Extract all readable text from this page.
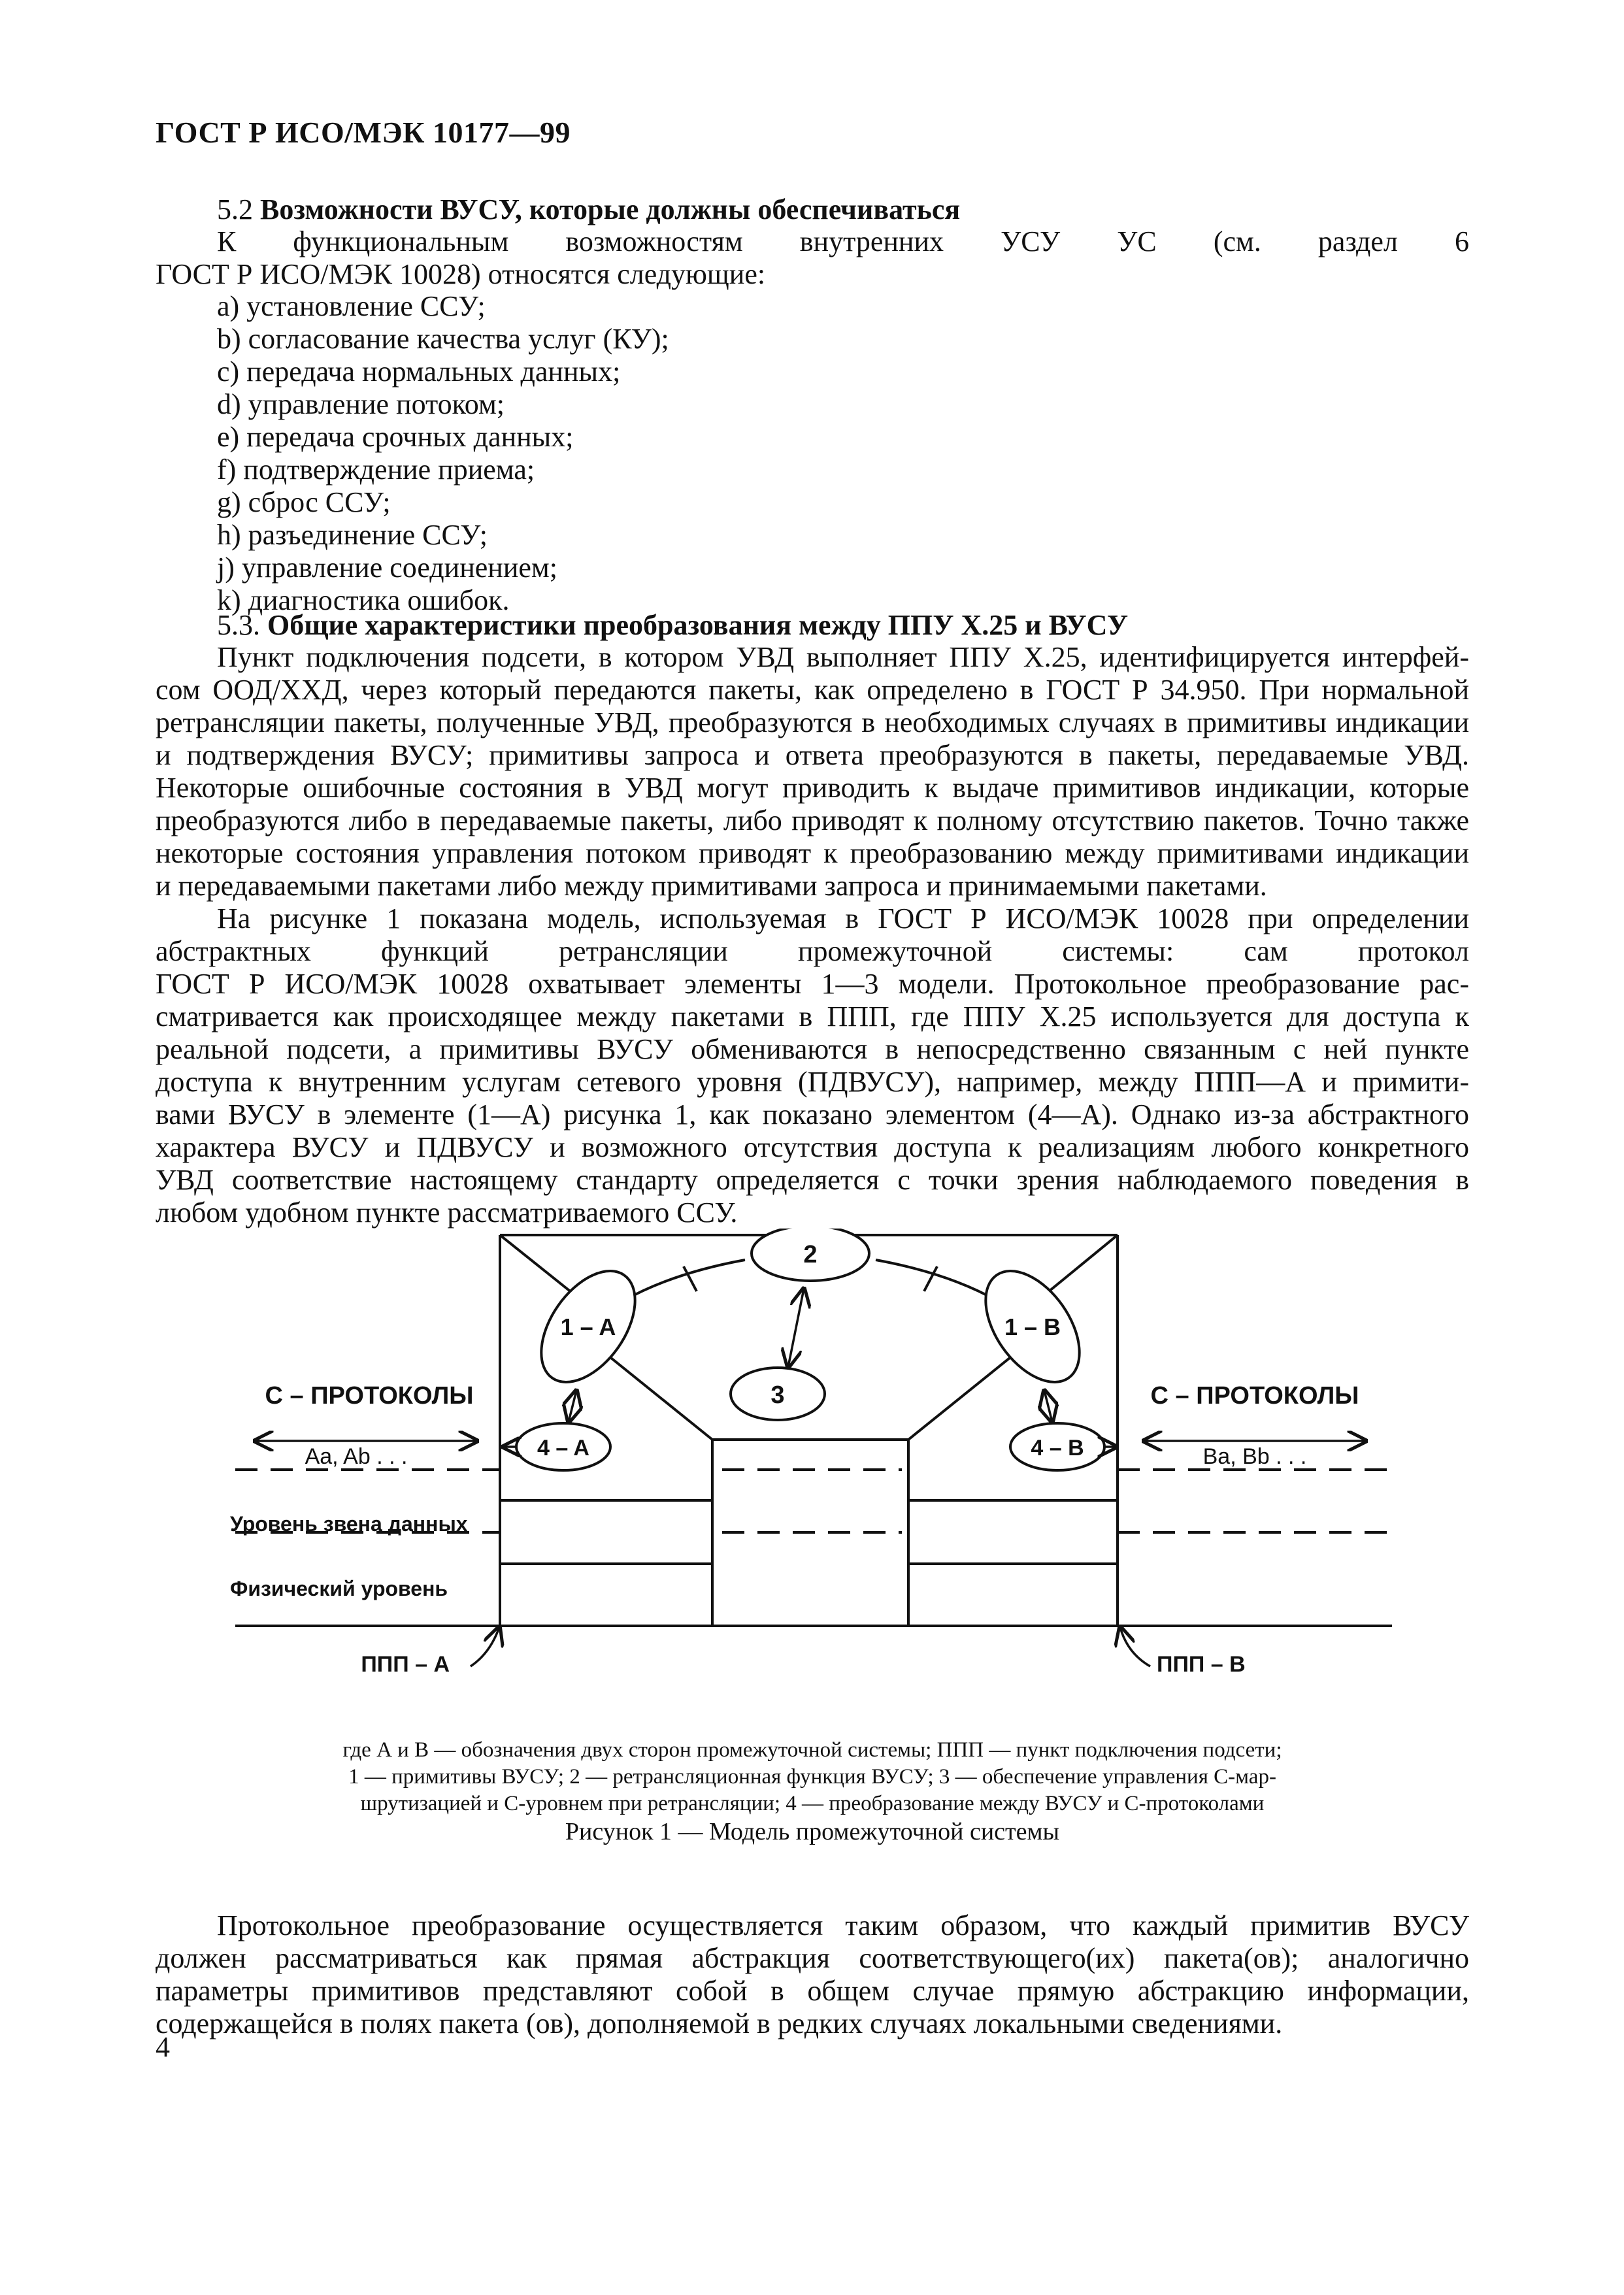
ГОСТ Р ИСО/МЭК 10177—99
5.2 Возможности ВУСУ, которые должны обеспечиваться

К функциональным возможностям внутренних УСУ УС (см. раздел 6

ГОСТ Р ИСО/МЭК 10028) относятся следующие:

a) установление ССУ;

b) согласование качества услуг (КУ);

c) передача нормальных данных;

d) управление потоком;

e) передача срочных данных;

f) подтверждение приема;

g) сброс ССУ;

h) разъединение ССУ;

j) управление соединением;

k) диагностика ошибок.

5.3. Общие характеристики преобразования между ППУ X.25 и ВУСУ

Пункт подключения подсети, в котором УВД выполняет ППУ X.25, идентифицируется интерфей-

сом ООД/ХХД, через который передаются пакеты, как определено в ГОСТ Р 34.950. При нормальной

ретрансляции пакеты, полученные УВД, преобразуются в необходимых случаях в примитивы индикации

и подтверждения ВУСУ; примитивы запроса и ответа преобразуются в пакеты, передаваемые УВД.

Некоторые ошибочные состояния в УВД могут приводить к выдаче примитивов индикации, которые

преобразуются либо в передаваемые пакеты, либо приводят к полному отсутствию пакетов. Точно также

некоторые состояния управления потоком приводят к преобразованию между примитивами индикации

и передаваемыми пакетами либо между примитивами запроса и принимаемыми пакетами.

На рисунке 1 показана модель, используемая в ГОСТ Р ИСО/МЭК 10028 при определении

абстрактных функций ретрансляции промежуточной системы: сам протокол

ГОСТ Р ИСО/МЭК 10028 охватывает элементы 1—3 модели. Протокольное преобразование рас-

сматривается как происходящее между пакетами в ППП, где ППУ X.25 используется для доступа к

реальной подсети, а примитивы ВУСУ обмениваются в непосредственно связанным с ней пункте

доступа к внутренним услугам сетевого уровня (ПДВУСУ), например, между ППП—А и примити-

вами ВУСУ в элементе (1—А) рисунка 1, как показано элементом (4—А). Однако из-за абстрактного

характера ВУСУ и ПДВУСУ и возможного отсутствия доступа к реализациям любого конкретного

УВД соответствие настоящему стандарту определяется с точки зрения наблюдаемого поведения в

любом удобном пункте рассматриваемого ССУ.

2
3
1 – A	1 – B
4 – A	4 – B
С – ПРОТОКОЛЫ
Aa, Ab . . .
С – ПРОТОКОЛЫ
Ba, Bb . . .
Уровень звена данных
Физический уровень
ППП – А	ППП – В
где А и В — обозначения двух сторон промежуточной системы; ППП — пункт подключения подсети;
1 — примитивы ВУСУ; 2 — ретрансляционная функция ВУСУ; 3 — обеспечение управления С-мар-
шрутизацией и С-уровнем при ретрансляции; 4 — преобразование между ВУСУ и С-протоколами
Рисунок 1 — Модель промежуточной системы

Протокольное преобразование осуществляется таким образом, что каждый примитив ВУСУ

должен рассматриваться как прямая абстракция соответствующего(их) пакета(ов); аналогично

параметры примитивов представляют собой в общем случае прямую абстракцию информации,

содержащейся в полях пакета (ов), дополняемой в редких случаях локальными сведениями.

4
